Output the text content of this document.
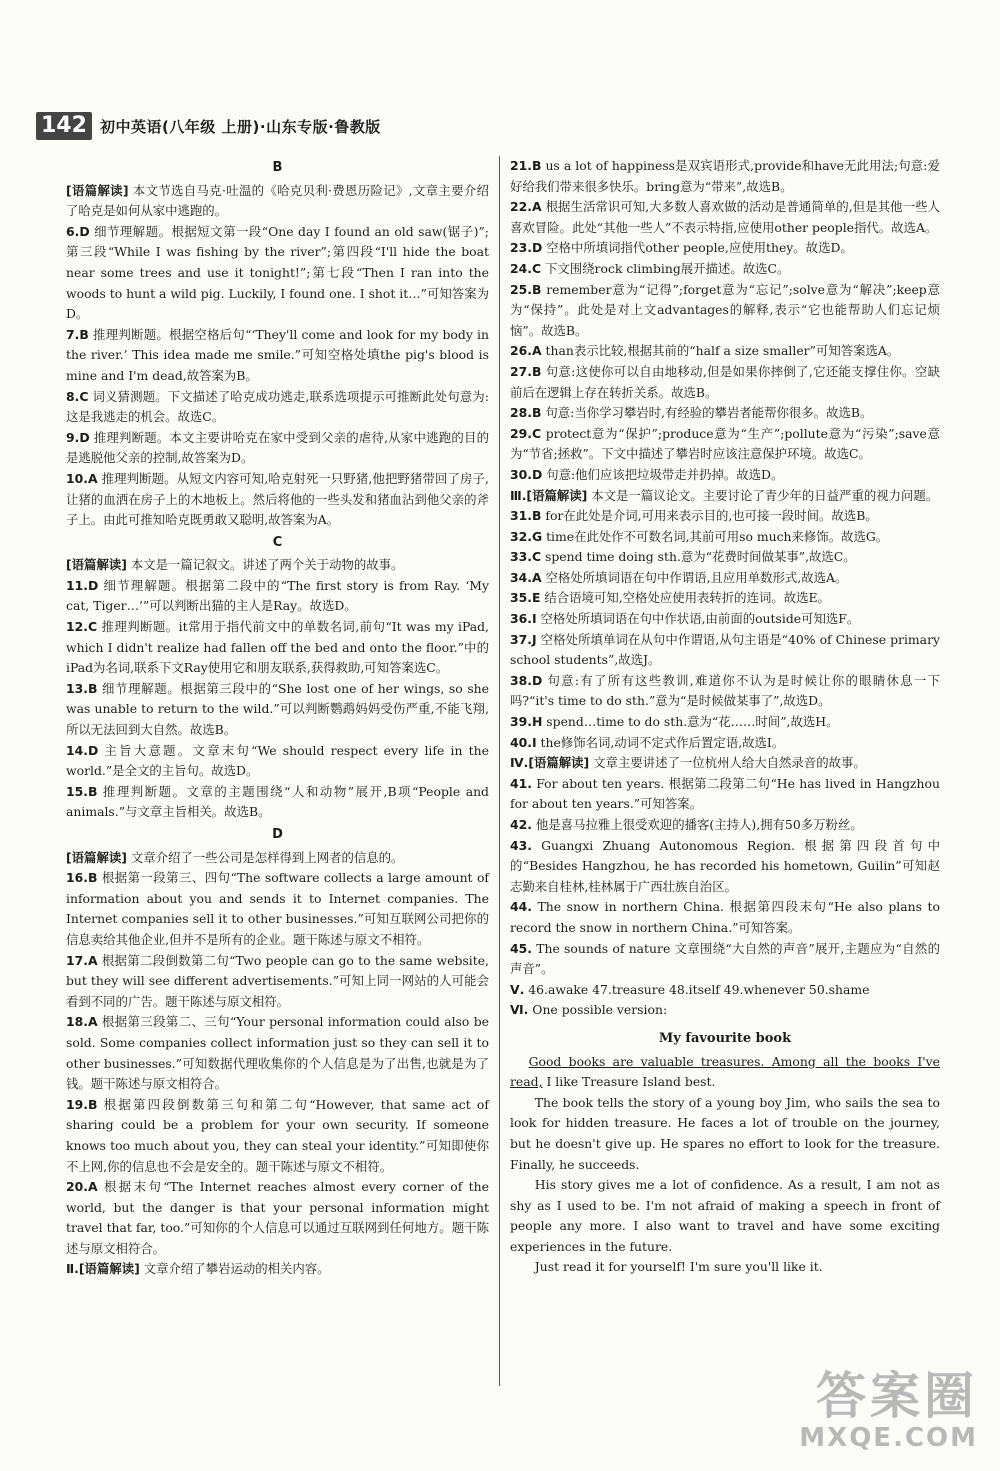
142 初中英语(八年级 上册)·山东专版·鲁教版
B

[语篇解读] 本文节选自马克·吐温的《哈克贝利·费恩历险记》,文章主要介绍了哈克是如何从家中逃跑的。

6.D 细节理解题。根据短文第一段“One day I found an old saw(锯子)”;第三段“While I was fishing by the river”;第四段“I'll hide the boat near some trees and use it tonight!”;第七段“Then I ran into the woods to hunt a wild pig. Luckily, I found one. I shot it…”可知答案为D。

7.B 推理判断题。根据空格后句“‘They'll come and look for my body in the river.’ This idea made me smile.”可知空格处填the pig's blood is mine and I'm dead,故答案为B。

8.C 词义猜测题。下文描述了哈克成功逃走,联系选项提示可推断此处句意为:这是我逃走的机会。故选C。

9.D 推理判断题。本文主要讲哈克在家中受到父亲的虐待,从家中逃跑的目的是逃脱他父亲的控制,故答案为D。

10.A 推理判断题。从短文内容可知,哈克射死一只野猪,他把野猪带回了房子,让猪的血洒在房子上的木地板上。然后将他的一些头发和猪血沾到他父亲的斧子上。由此可推知哈克既勇敢又聪明,故答案为A。

C

[语篇解读] 本文是一篇记叙文。讲述了两个关于动物的故事。

11.D 细节理解题。根据第二段中的“The first story is from Ray. ‘My cat, Tiger…’”可以判断出猫的主人是Ray。故选D。

12.C 推理判断题。it常用于指代前文中的单数名词,前句“It was my iPad, which I didn't realize had fallen off the bed and onto the floor.”中的iPad为名词,联系下文Ray使用它和朋友联系,获得救助,可知答案选C。

13.B 细节理解题。根据第三段中的“She lost one of her wings, so she was unable to return to the wild.”可以判断鹦鹉妈妈受伤严重,不能飞翔,所以无法回到大自然。故选B。

14.D 主旨大意题。文章末句“We should respect every life in the world.”是全文的主旨句。故选D。

15.B 推理判断题。文章的主题围绕“人和动物”展开,B项“People and animals.”与文章主旨相关。故选B。

D

[语篇解读] 文章介绍了一些公司是怎样得到上网者的信息的。

16.B 根据第一段第三、四句“The software collects a large amount of information about you and sends it to Internet companies. The Internet companies sell it to other businesses.”可知互联网公司把你的信息卖给其他企业,但并不是所有的企业。题干陈述与原文不相符。

17.A 根据第二段倒数第二句“Two people can go to the same website, but they will see different advertisements.”可知上同一网站的人可能会看到不同的广告。题干陈述与原文相符。

18.A 根据第三段第二、三句“Your personal information could also be sold. Some companies collect information just so they can sell it to other businesses.”可知数据代理收集你的个人信息是为了出售,也就是为了钱。题干陈述与原文相符合。

19.B 根据第四段倒数第三句和第二句“However, that same act of sharing could be a problem for your own security. If someone knows too much about you, they can steal your identity.”可知即使你不上网,你的信息也不会是安全的。题干陈述与原文不相符。

20.A 根据末句“The Internet reaches almost every corner of the world, but the danger is that your personal information might travel that far, too.”可知你的个人信息可以通过互联网到任何地方。题干陈述与原文相符合。

Ⅱ.[语篇解读] 文章介绍了攀岩运动的相关内容。

21.B us a lot of happiness是双宾语形式,provide和have无此用法;句意:爱好给我们带来很多快乐。bring意为“带来”,故选B。

22.A 根据生活常识可知,大多数人喜欢做的活动是普通简单的,但是其他一些人喜欢冒险。此处“其他一些人”不表示特指,应使用other people指代。故选A。

23.D 空格中所填词指代other people,应使用they。故选D。

24.C 下文围绕rock climbing展开描述。故选C。

25.B remember意为“记得”;forget意为“忘记”;solve意为“解决”;keep意为“保持”。此处是对上文advantages的解释,表示“它也能帮助人们忘记烦恼”。故选B。

26.A than表示比较,根据其前的“half a size smaller”可知答案选A。

27.B 句意:这使你可以自由地移动,但是如果你摔倒了,它还能支撑住你。空缺前后在逻辑上存在转折关系。故选B。

28.B 句意:当你学习攀岩时,有经验的攀岩者能帮你很多。故选B。

29.C protect意为“保护”;produce意为“生产”;pollute意为“污染”;save意为“节省;拯救”。下文中描述了攀岩时应该注意保护环境。故选C。

30.D 句意:他们应该把垃圾带走并扔掉。故选D。

Ⅲ.[语篇解读] 本文是一篇议论文。主要讨论了青少年的日益严重的视力问题。

31.B for在此处是介词,可用来表示目的,也可接一段时间。故选B。

32.G time在此处作不可数名词,其前可用so much来修饰。故选G。

33.C spend time doing sth.意为“花费时间做某事”,故选C。

34.A 空格处所填词语在句中作谓语,且应用单数形式,故选A。

35.E 结合语境可知,空格处应使用表转折的连词。故选E。

36.I 空格处所填词语在句中作状语,由前面的outside可知选F。

37.J 空格处所填单词在从句中作谓语,从句主语是“40% of Chinese primary school students”,故选J。

38.D 句意:有了所有这些教训,难道你不认为是时候让你的眼睛休息一下吗?“it's time to do sth.”意为“是时候做某事了”,故选D。

39.H spend…time to do sth.意为“花……时间”,故选H。

40.I the修饰名词,动词不定式作后置定语,故选I。

Ⅳ.[语篇解读] 文章主要讲述了一位杭州人给大自然录音的故事。

41. For about ten years. 根据第二段第二句“He has lived in Hangzhou for about ten years.”可知答案。

42. 他是喜马拉雅上很受欢迎的播客(主持人),拥有50多万粉丝。

43. Guangxi Zhuang Autonomous Region. 根据第四段首句中的“Besides Hangzhou, he has recorded his hometown, Guilin”可知赵志勤来自桂林,桂林属于广西壮族自治区。

44. The snow in northern China. 根据第四段末句“He also plans to record the snow in northern China.”可知答案。

45. The sounds of nature 文章围绕“大自然的声音”展开,主题应为“自然的声音”。

Ⅴ. 46.awake 47.treasure 48.itself 49.whenever 50.shame

Ⅵ. One possible version:

My favourite book

Good books are valuable treasures. Among all the books I've read, I like Treasure Island best.

The book tells the story of a young boy Jim, who sails the sea to look for hidden treasure. He faces a lot of trouble on the journey, but he doesn't give up. He spares no effort to look for the treasure. Finally, he succeeds.

His story gives me a lot of confidence. As a result, I am not as shy as I used to be. I'm not afraid of making a speech in front of people any more. I also want to travel and have some exciting experiences in the future.

Just read it for yourself! I'm sure you'll like it.

答案圈
MXQE.COM
